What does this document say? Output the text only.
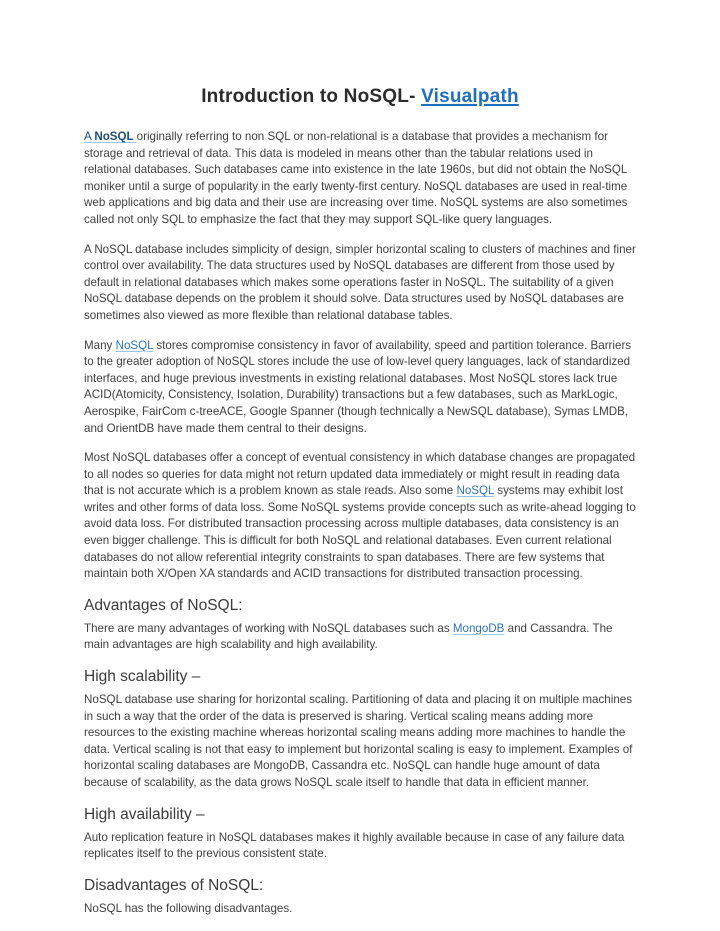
Introduction to NoSQL- Visualpath

A NoSQL originally referring to non SQL or non-relational is a database that provides a mechanism for storage and retrieval of data. This data is modeled in means other than the tabular relations used in relational databases. Such databases came into existence in the late 1960s, but did not obtain the NoSQL moniker until a surge of popularity in the early twenty-first century. NoSQL databases are used in real-time web applications and big data and their use are increasing over time. NoSQL systems are also sometimes called not only SQL to emphasize the fact that they may support SQL-like query languages.

A NoSQL database includes simplicity of design, simpler horizontal scaling to clusters of machines and finer control over availability. The data structures used by NoSQL databases are different from those used by default in relational databases which makes some operations faster in NoSQL. The suitability of a given NoSQL database depends on the problem it should solve. Data structures used by NoSQL databases are sometimes also viewed as more flexible than relational database tables.

Many NoSQL stores compromise consistency in favor of availability, speed and partition tolerance. Barriers to the greater adoption of NoSQL stores include the use of low-level query languages, lack of standardized interfaces, and huge previous investments in existing relational databases. Most NoSQL stores lack true ACID(Atomicity, Consistency, Isolation, Durability) transactions but a few databases, such as MarkLogic, Aerospike, FairCom c-treeACE, Google Spanner (though technically a NewSQL database), Symas LMDB, and OrientDB have made them central to their designs.

Most NoSQL databases offer a concept of eventual consistency in which database changes are propagated to all nodes so queries for data might not return updated data immediately or might result in reading data that is not accurate which is a problem known as stale reads. Also some NoSQL systems may exhibit lost writes and other forms of data loss. Some NoSQL systems provide concepts such as write-ahead logging to avoid data loss. For distributed transaction processing across multiple databases, data consistency is an even bigger challenge. This is difficult for both NoSQL and relational databases. Even current relational databases do not allow referential integrity constraints to span databases. There are few systems that maintain both X/Open XA standards and ACID transactions for distributed transaction processing.

Advantages of NoSQL:

There are many advantages of working with NoSQL databases such as MongoDB and Cassandra. The main advantages are high scalability and high availability.

High scalability –

NoSQL database use sharing for horizontal scaling. Partitioning of data and placing it on multiple machines in such a way that the order of the data is preserved is sharing. Vertical scaling means adding more resources to the existing machine whereas horizontal scaling means adding more machines to handle the data. Vertical scaling is not that easy to implement but horizontal scaling is easy to implement. Examples of horizontal scaling databases are MongoDB, Cassandra etc. NoSQL can handle huge amount of data because of scalability, as the data grows NoSQL scale itself to handle that data in efficient manner.

High availability –

Auto replication feature in NoSQL databases makes it highly available because in case of any failure data replicates itself to the previous consistent state.

Disadvantages of NoSQL:

NoSQL has the following disadvantages.
